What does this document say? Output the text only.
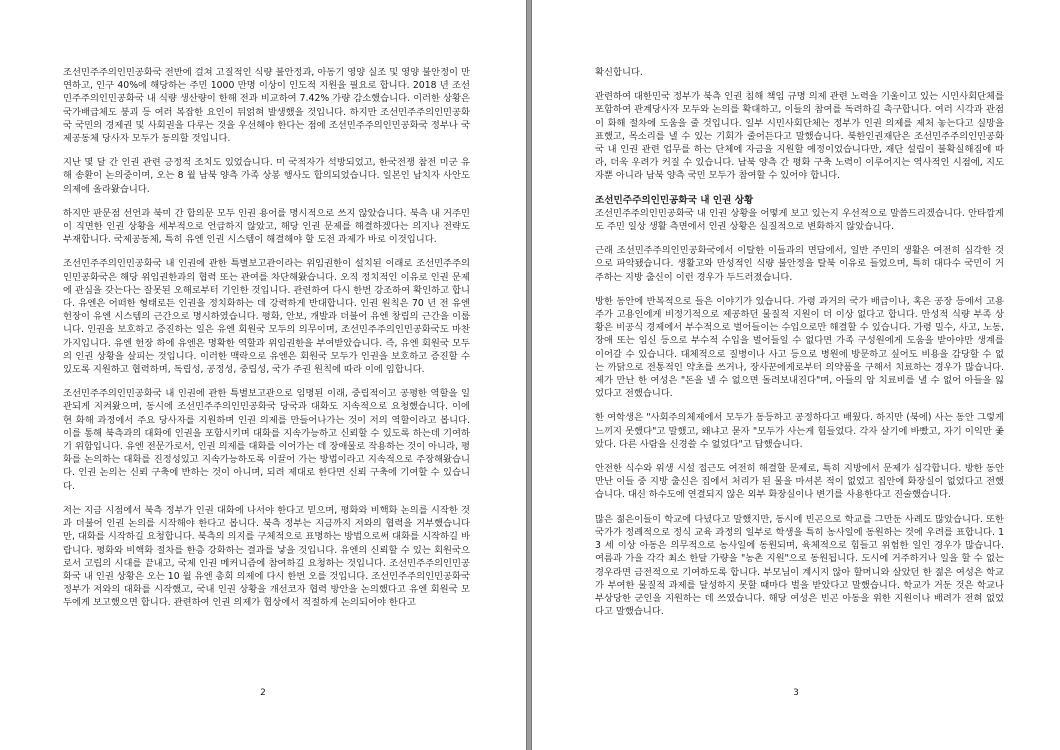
조선민주주의인민공화국 전반에 걸쳐 고질적인 식량 불안정과, 아동기 영양 실조 및 영양 불안정이 만연하고, 인구 40%에 해당하는 주민 1000 만명 이상이 인도적 지원을 필요로 합니다. 2018 년 조선민주주의인민공화국 내 식량 생산량이 한해 전과 비교하여 7.42% 가량 감소했습니다. 이러한 상황은 국가배급체도 붕괴 등 여러 복잡한 요인이 뒤얽혀 발생했을 것입니다. 하지만 조선민주주의인민공화국 국민의 경제권 및 사회권을 다루는 것을 우선해야 한다는 점에 조선민주주의인민공화국 정부나 국제공동체 당사자 모두가 동의할 것입니다.

지난 몇 달 간 인권 관련 긍정적 조치도 있었습니다. 미 국적자가 석방되었고, 한국전쟁 참전 미군 유해 송환이 논의중이며, 오는 8 월 남북 양측 가족 상봉 행사도 합의되었습니다. 일본인 납치자 사안도 의제에 올라왔습니다.

하지만 판문점 선언과 북미 간 합의문 모두 인권 용어를 명시적으로 쓰지 않았습니다. 북측 내 거주민이 직면한 인권 상황을 세부적으로 언급하지 않았고, 해당 인권 문제를 해결하겠다는 의지나 전략도 부재합니다. 국제공동체, 특히 유엔 인권 시스템이 해결해야 할 도전 과제가 바로 이것입니다.

조선민주주의인민공화국 내 인권에 관한 특별보고관이라는 위임권한이 설치된 이래로 조선민주주의인민공화국은 해당 위임권한과의 협력 또는 관여를 차단해왔습니다. 오직 정치적인 이유로 인권 문제에 관심을 갖는다는 잘못된 오해로부터 기인한 것입니다. 관련하여 다시 한번 강조하여 확인하고 합니다. 유엔은 어떠한 형태로든 인권을 정치화하는 데 강력하게 반대합니다. 인권 원칙은 70 년 전 유엔 헌장이 유엔 시스템의 근간으로 명시하였습니다. 평화, 안보, 개발과 더불어 유엔 창립의 근간을 이룹니다. 인권을 보호하고 증진하는 일은 유엔 회원국 모두의 의무이며, 조선민주주의인민공화국도 마찬가지입니다. 유엔 헌장 하에 유엔은 명확한 역할과 위임권한을 부여받았습니다. 즉, 유엔 회원국 모두의 인권 상황을 살피는 것입니다. 이러한 맥락으로 유엔은 회원국 모두가 인권을 보호하고 증진할 수 있도록 지원하고 협력하며, 독립성, 공정성, 중립성, 국가 주권 원칙에 따라 이에 임합니다.

조선민주주의인민공화국 내 인권에 관한 특별보고관으로 임명된 이래, 중립적이고 공평한 역할을 일관되게 지켜왔으며, 동시에 조선민주주의인민공화국 당국과 대화도 지속적으로 요청했습니다. 이에 현 화해 과정에서 주요 당사자를 지원하며 인권 의제를 만들어나가는 것이 저의 역할이라고 봅니다. 이를 통해 북측과의 대화에 인권을 포함시키며 대화를 지속가능하고 신뢰할 수 있도록 하는데 기여하기 위함입니다. 유엔 전문가로서, 인권 의제를 대화를 이어가는 데 장애물로 작용하는 것이 아니라, 평화를 논의하는 대화를 진정성있고 지속가능하도록 이끌어 가는 방법이라고 지속적으로 주장해왔습니다. 인권 논의는 신뢰 구축에 반하는 것이 아니며, 되려 제대로 한다면 신뢰 구축에 기여할 수 있습니다.

저는 지금 시점에서 북측 정부가 인권 대화에 나서야 한다고 믿으며, 평화와 비핵화 논의를 시작한 것과 더불어 인권 논의를 시작해야 한다고 봅니다. 북측 정부는 지금까지 저와의 협력을 거부했습니다만, 대화를 시작하길 요청합니다. 북측의 의지를 구체적으로 표명하는 방법으로써 대화를 시작하길 바랍니다. 평화와 비핵화 절차를 한층 강화하는 결과를 낳을 것입니다. 유엔의 신뢰할 수 있는 회원국으로서 고립의 시대를 끝내고, 국제 인권 메커니즘에 참여하길 요청하는 것입니다. 조선민주주의인민공화국 내 인권 상황은 오는 10 월 유엔 총회 의제에 다시 한번 오를 것입니다. 조선민주주의인민공화국 정부가 저와의 대화를 시작했고, 국내 인권 상황을 개선코자 협력 방안을 논의했다고 유엔 회원국 모두에게 보고했으면 합니다. 관련하여 인권 의제가 협상에서 적절하게 논의되어야 한다고

2

확신합니다.

관련하여 대한민국 정부가 북측 인권 침해 책임 규명 의제 관련 노력을 기울이고 있는 시민사회단체를 포함하여 관계당사자 모두와 논의를 확대하고, 이들의 참여를 독려하길 촉구합니다. 여러 시각과 관점이 화해 절차에 도움을 줄 것입니다. 일부 시민사회단체는 정부가 인권 의제를 제처 놓는다고 실망을 표했고, 목소리를 낼 수 있는 기회가 줄어든다고 말했습니다. 북한인권재단은 조선민주주의인민공화국 내 인권 관련 업무를 하는 단체에 자금을 지원할 예정이었습니다만, 재단 설립이 불확실해짐에 따라, 더욱 우려가 커질 수 있습니다. 남북 양측 간 평화 구축 노력이 이루어지는 역사적인 시점에, 지도자뿐 아니라 남북 양측 국민 모두가 참여할 수 있어야 합니다.

조선민주주의인민공화국 내 인권 상황

조선민주주의인민공화국 내 인권 상황을 어떻게 보고 있는지 우선적으로 말씀드리겠습니다. 안타깝게도 주민 일상 생활 측면에서 인권 상황은 실질적으로 변화하지 않았습니다.

근래 조선민주주의인민공화국에서 이탈한 이들과의 면담에서, 일반 주민의 생활은 여전히 심각한 것으로 파악됐습니다. 생활고와 만성적인 식량 불안정을 탈북 이유로 들었으며, 특히 대다수 국민이 거주하는 지방 출신이 이런 경우가 두드러졌습니다.

방한 동안에 반복적으로 들은 이야기가 있습니다. 가령 과거의 국가 배급이나, 혹은 공장 등에서 고용주가 고용인에게 비정기적으로 제공하던 물질적 지원이 더 이상 없다고 합니다. 만성적 식량 부족 상황은 비공식 경제에서 부수적으로 벌어들이는 수입으로만 해결할 수 있습니다. 가령 밀수, 사고, 노동, 장애 또는 임신 등으로 부수적 수입을 벌어들일 수 없다면 가족 구성원에게 도움을 받아야만 생계를 이어갈 수 있습니다. 대체적으로 질병이나 사고 등으로 병원에 방문하고 싶어도 비용을 감당할 수 없는 까닭으로 전통적인 약초를 쓰거나, 장사꾼에게로부터 의약품을 구해서 치료하는 경우가 많습니다. 제가 만난 한 여성은 "돈을 낼 수 없으면 돌려보내진다"며, 아들의 암 치료비를 낼 수 없어 아들을 잃었다고 전했습니다.

한 여학생은 "사회주의체제에서 모두가 동등하고 공정하다고 배웠다. 하지만 (북에) 사는 동안 그렇게 느끼지 못했다"고 말했고, 왜냐고 묻자 "모두가 사는게 힘들었다. 각자 살기에 바빴고, 자기 이익만 좇았다. 다른 사람을 신경쓸 수 없었다"고 답했습니다.

안전한 식수와 위생 시설 접근도 여전히 해결할 문제로, 특히 지방에서 문제가 심각합니다. 방한 동안 만난 이들 중 지방 출신은 집에서 처리가 된 물을 마셔본 적이 없었고 집안에 화장실이 없었다고 전했습니다. 대신 하수도에 연결되지 않은 외부 화장실이나 변기를 사용한다고 진술했습니다.

많은 젊은이들이 학교에 다녔다고 말했지만, 동시에 빈곤으로 학교를 그만둔 사례도 많았습니다. 또한 국가가 정례적으로 정식 교육 과정의 일부로 학생을 특히 농사일에 동원하는 것에 우려를 표합니다. 13 세 이상 아동은 의무적으로 농사일에 동원되며, 육체적으로 힘들고 위험한 일인 경우가 많습니다. 여름과 가을 각각 최소 한달 가량을 "농촌 지원"으로 동원됩니다. 도시에 거주하거나 일을 할 수 없는 경우라면 금전적으로 기여하도록 합니다. 부모님이 계시지 않아 할머니와 살았던 한 젊은 여성은 학교가 부여한 물질적 과제를 달성하지 못할 때마다 벌을 받았다고 말했습니다. 학교가 거둔 것은 학교나 부상당한 군인을 지원하는 데 쓰였습니다. 해당 여성은 빈곤 아동을 위한 지원이나 배려가 전혀 없었다고 말했습니다.

3
